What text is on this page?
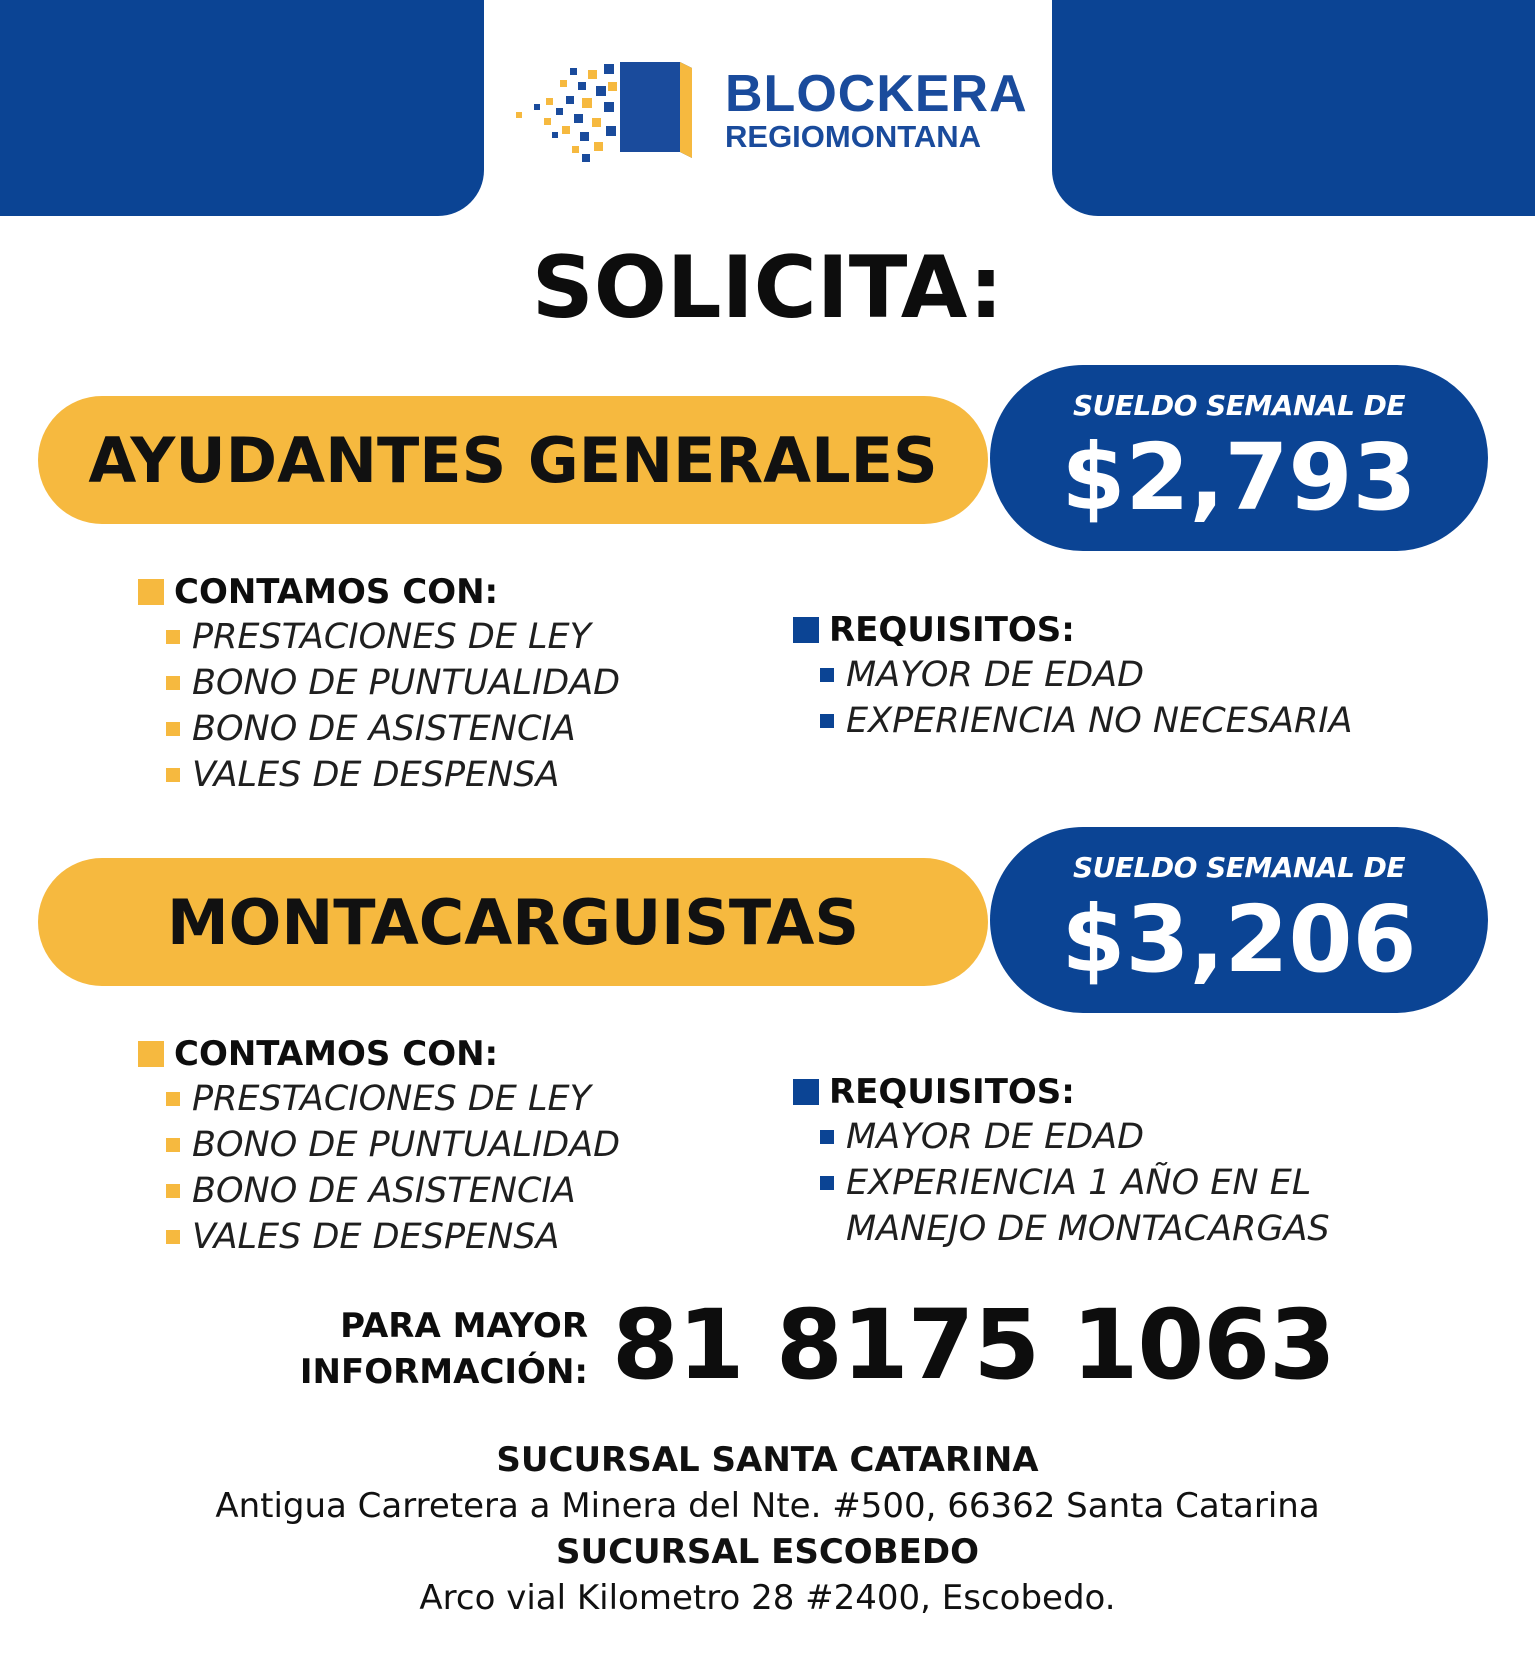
BLOCKERA
REGIOMONTANA
SOLICITA:
AYUDANTES GENERALES
SUELDO SEMANAL DE
$2,793
CONTAMOS CON:
PRESTACIONES DE LEY
BONO DE PUNTUALIDAD
BONO DE ASISTENCIA
VALES DE DESPENSA
REQUISITOS:
MAYOR DE EDAD
EXPERIENCIA NO NECESARIA
MONTACARGUISTAS
SUELDO SEMANAL DE
$3,206
CONTAMOS CON:
PRESTACIONES DE LEY
BONO DE PUNTUALIDAD
BONO DE ASISTENCIA
VALES DE DESPENSA
REQUISITOS:
MAYOR DE EDAD
EXPERIENCIA 1 AÑO EN EL
MANEJO DE MONTACARGAS
PARA MAYOR
INFORMACIÓN: 81 8175 1063
SUCURSAL SANTA CATARINA
Antigua Carretera a Minera del Nte. #500, 66362 Santa Catarina
SUCURSAL ESCOBEDO
Arco vial Kilometro 28 #2400, Escobedo.
